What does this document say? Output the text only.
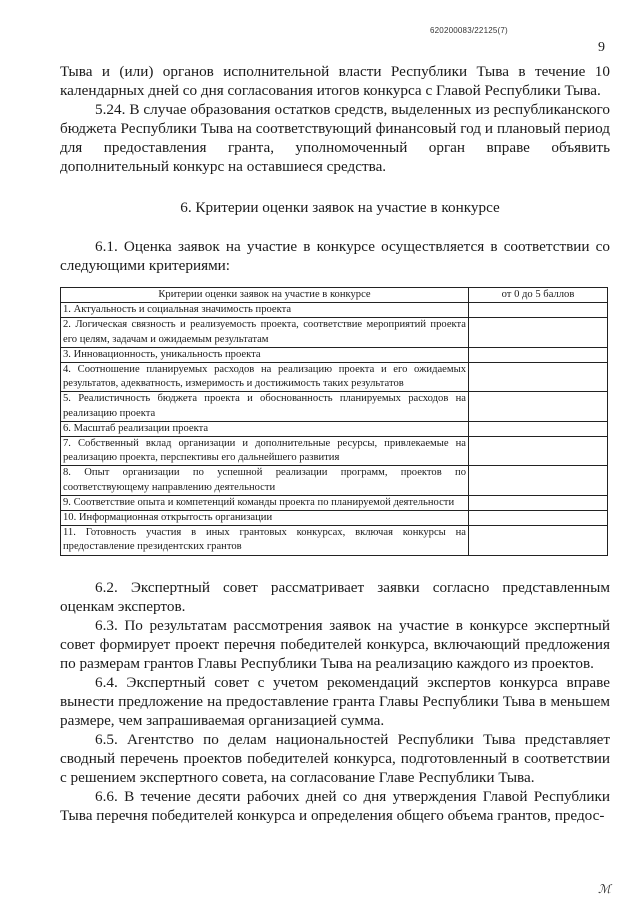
620200083/22125(7)
9

Тыва и (или) органов исполнительной власти Республики Тыва в течение 10 календарных дней со дня согласования итогов конкурса с Главой Республики Тыва.

5.24. В случае образования остатков средств, выделенных из республиканского бюджета Республики Тыва на соответствующий финансовый год и плановый период для предоставления гранта, уполномоченный орган вправе объявить дополнительный конкурс на оставшиеся средства.

6. Критерии оценки заявок на участие в конкурсе

6.1. Оценка заявок на участие в конкурсе осуществляется в соответствии со следующими критериями:

Критерии оценки заявок на участие в конкурсе	от 0 до 5 баллов
1. Актуальность и социальная значимость проекта	
2. Логическая связность и реализуемость проекта, соответствие мероприятий проекта его целям, задачам и ожидаемым результатам	
3. Инновационность, уникальность проекта	
4. Соотношение планируемых расходов на реализацию проекта и его ожидаемых результатов, адекватность, измеримость и достижимость таких результатов	
5. Реалистичность бюджета проекта и обоснованность планируемых расходов на реализацию проекта	
6. Масштаб реализации проекта	
7. Собственный вклад организации и дополнительные ресурсы, привлекаемые на реализацию проекта, перспективы его дальнейшего развития	
8. Опыт организации по успешной реализации программ, проектов по соответствующему направлению деятельности	
9. Соответствие опыта и компетенций команды проекта по планируемой деятельности	
10. Информационная открытость организации	
11. Готовность участия в иных грантовых конкурсах, включая конкурсы на предоставление президентских грантов	

6.2. Экспертный совет рассматривает заявки согласно представленным оценкам экспертов.

6.3. По результатам рассмотрения заявок на участие в конкурсе экспертный совет формирует проект перечня победителей конкурса, включающий предложения по размерам грантов Главы Республики Тыва на реализацию каждого из проектов.

6.4. Экспертный совет с учетом рекомендаций экспертов конкурса вправе вынести предложение на предоставление гранта Главы Республики Тыва в меньшем размере, чем запрашиваемая организацией сумма.

6.5. Агентство по делам национальностей Республики Тыва представляет сводный перечень проектов победителей конкурса, подготовленный в соответствии с решением экспертного совета, на согласование Главе Республики Тыва.

6.6. В течение десяти рабочих дней со дня утверждения Главой Республики Тыва перечня победителей конкурса и определения общего объема грантов, предос-

ℳ
